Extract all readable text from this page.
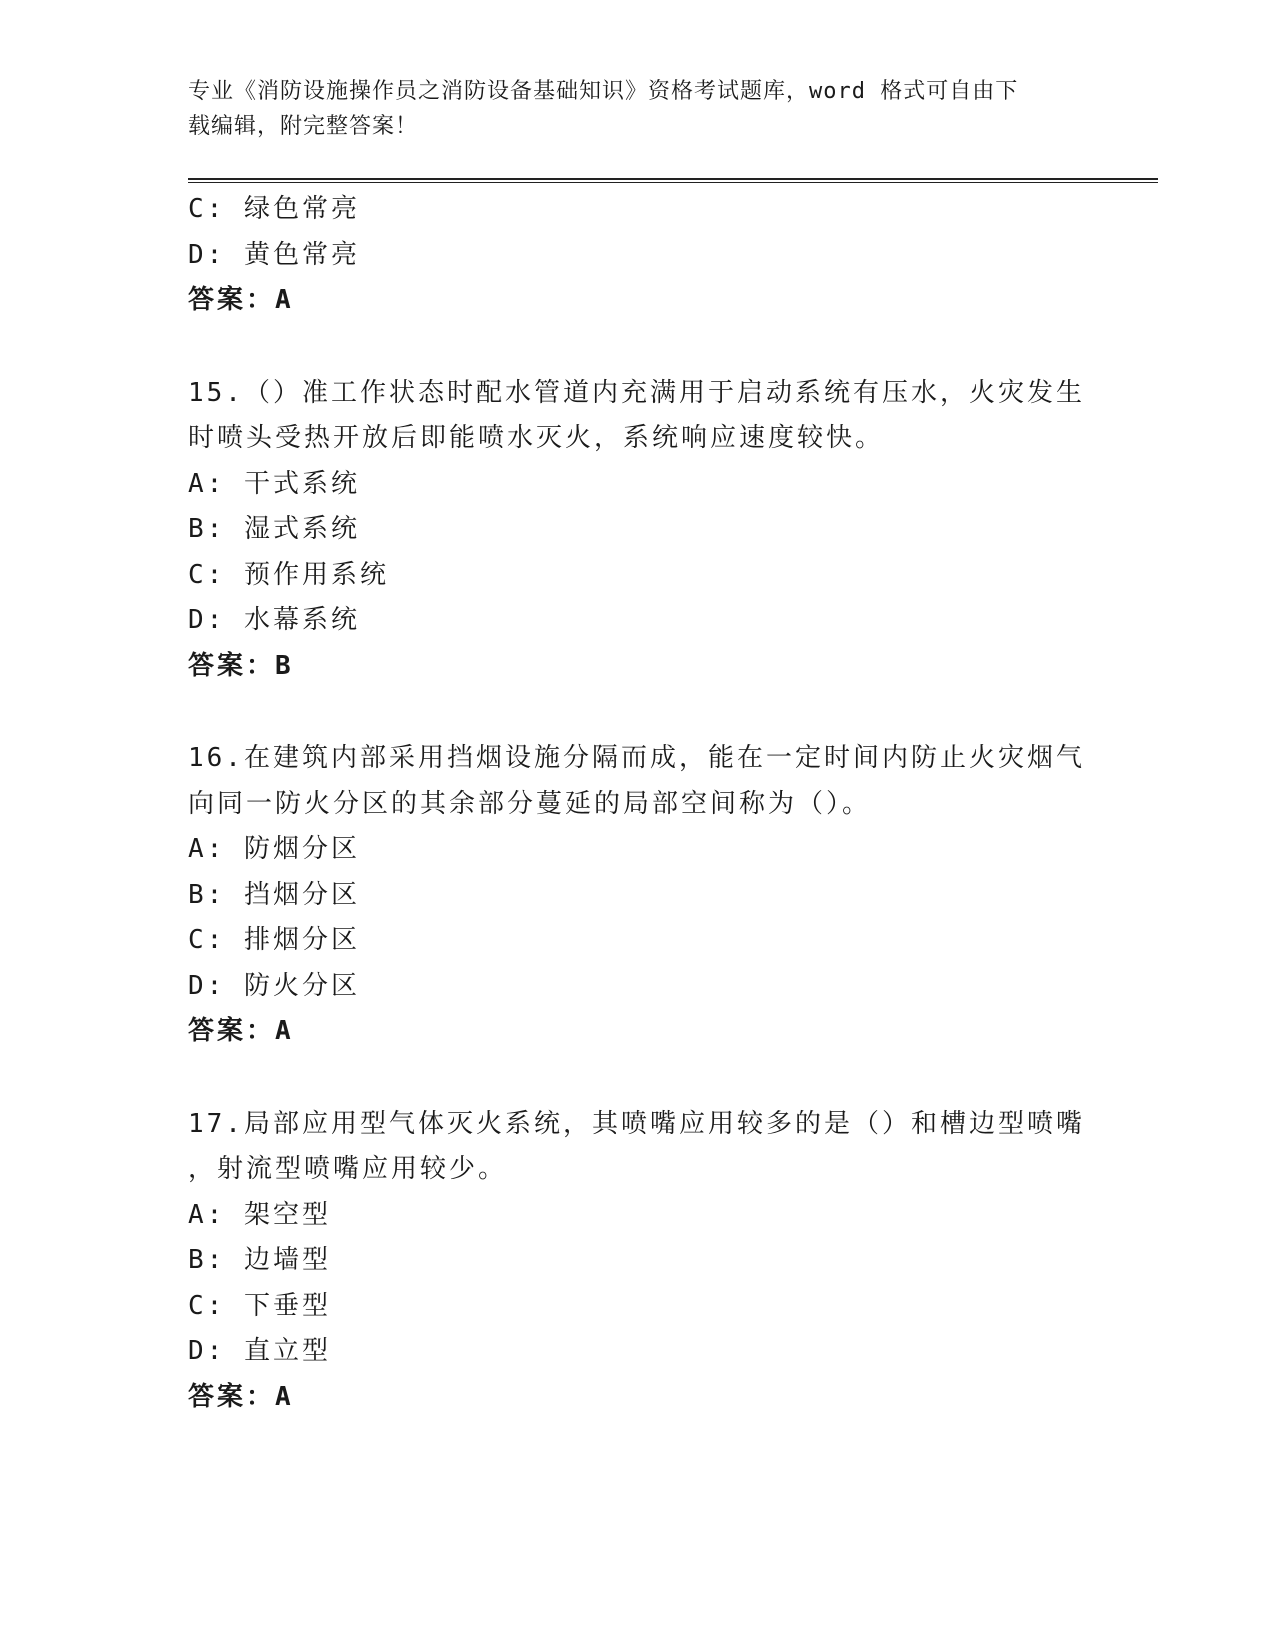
专业《消防设施操作员之消防设备基础知识》资格考试题库，word 格式可自由下
载编辑，附完整答案！
C: 绿色常亮
D: 黄色常亮
答案：A
15.（）准工作状态时配水管道内充满用于启动系统有压水，火灾发生
时喷头受热开放后即能喷水灭火，系统响应速度较快。
A: 干式系统
B: 湿式系统
C: 预作用系统
D: 水幕系统
答案：B
16.在建筑内部采用挡烟设施分隔而成，能在一定时间内防止火灾烟气
向同一防火分区的其余部分蔓延的局部空间称为（）。
A: 防烟分区
B: 挡烟分区
C: 排烟分区
D: 防火分区
答案：A
17.局部应用型气体灭火系统，其喷嘴应用较多的是（）和槽边型喷嘴
，射流型喷嘴应用较少。
A: 架空型
B: 边墙型
C: 下垂型
D: 直立型
答案：A
